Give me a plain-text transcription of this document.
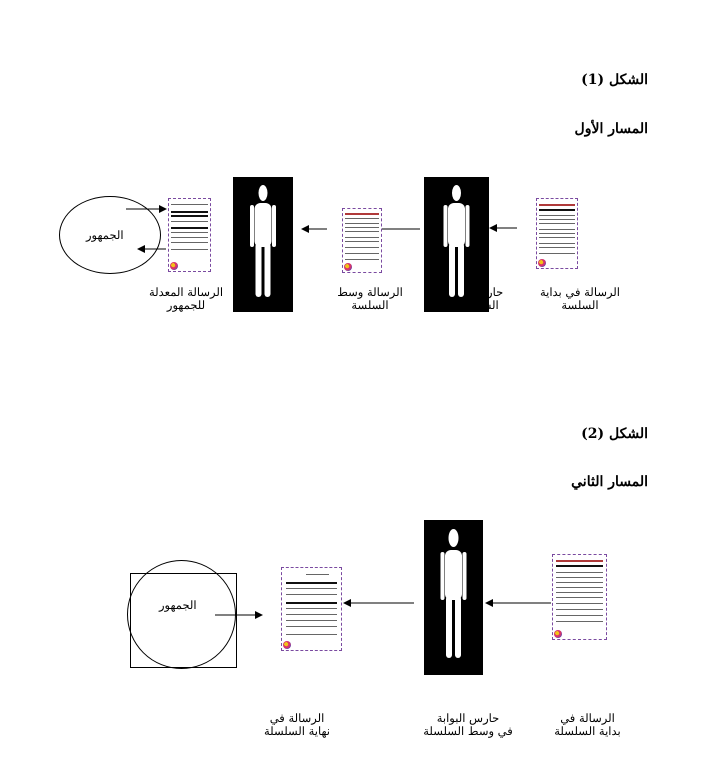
الشكل (1)
المسار الأول
الجمهور
الرسالة في بداية
السلسة
حارس
السل
الرسالة وسط
السلسة
الرسالة المعدلة
للجمهور
الشكل (2)
المسار الثاني
الجمهور
الرسالة في
بداية السلسلة
حارس البوابة
في وسط السلسلة
الرسالة في
نهاية السلسلة
